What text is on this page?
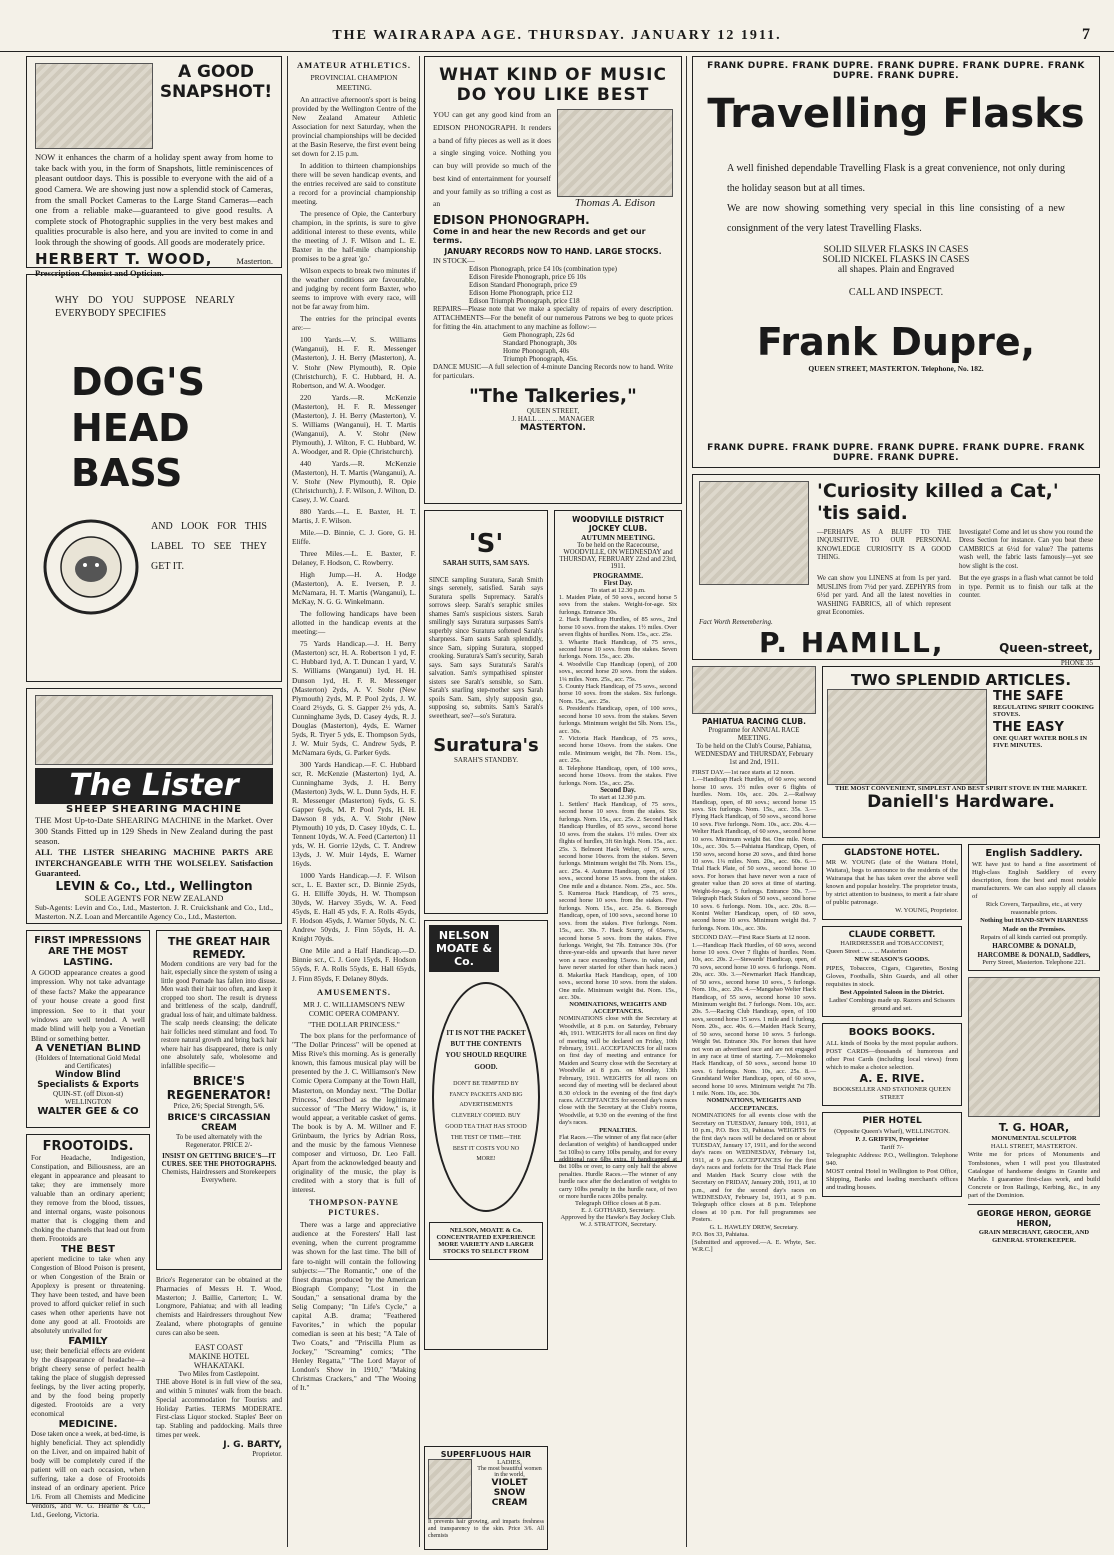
THE WAIRARAPA AGE. THURSDAY. JANUARY 12 1911.	7
A GOOD SNAPSHOT!
NOW it enhances the charm of a holiday spent away from home to take back with you, in the form of Snapshots, little reminiscences of pleasant outdoor days. This is possible to everyone with the aid of a good Camera. We are showing just now a splendid stock of Cameras, from the small Pocket Cameras to the Large Stand Cameras—each one from a reliable make—guaranteed to give good results. A complete stock of Photographic supplies in the very best makes and qualities procurable is also here, and you are invited to come in and look through the showing of goods. All goods are moderately price.
HERBERT T. WOOD,	Masterton.
Prescription Chemist and Optician.
WHY DO YOU SUPPOSE NEARLY EVERYBODY SPECIFIES
DOG'S HEAD BASS
AND LOOK FOR THIS LABEL TO SEE THEY GET IT.
The Lister
SHEEP SHEARING MACHINE
THE Most Up-to-Date SHEARING MACHINE in the Market. Over 300 Stands Fitted up in 129 Sheds in New Zealand during the past season.
ALL THE LISTER SHEARING MACHINE PARTS ARE INTERCHANGEABLE WITH THE WOLSELEY. Satisfaction Guaranteed.
LEVIN & Co., Ltd., Wellington
SOLE AGENTS FOR NEW ZEALAND
Sub-Agents: Levin and Co., Ltd., Masterton. J. R. Cruickshank and Co., Ltd., Masterton. N.Z. Loan and Mercantile Agency Co., Ltd., Masterton.
FIRST IMPRESSIONS ARE THE MOST LASTING.
A GOOD appearance creates a good impression. Why not take advantage of these facts? Make the appearance of your house create a good first impression. See to it that your windows are well tended. A well made blind will help you a Venetian Blind or something better.
A VENETIAN BLIND
(Holders of International Gold Medal and Certificates)
Window Blind Specialists & Exports
QUIN-ST. (off Dixon-st) WELLINGTON
WALTER GEE & CO
FROOTOIDS.
For Headache, Indigestion, Constipation, and Biliousness, are an elegant in appearance and pleasant to take; they are immensely more valuable than an ordinary aperient; they remove from the blood, tissues, and internal organs, waste poisonous matter that is clogging them and choking the channels that lead out from them. Frootoids are
THE BEST
aperient medicine to take when any Congestion of Blood Poison is present, or when Congestion of the Brain or Apoplexy is present or threatening. They have been tested, and have been proved to afford quicker relief in such cases when other aperients have not done any good at all. Frootoids are absolutely unrivalled for
FAMILY
use; their beneficial effects are evident by the disappearance of headache—a bright cheery sense of perfect health taking the place of sluggish depressed feelings, by the liver acting properly, and by the food being properly digested. Frootoids are a very economical
MEDICINE.
Dose taken once a week, at bed-time, is highly beneficial. They act splendidly on the Liver, and on impaired habit of body will be completely cured if the patient will on each occasion, when suffering, take a dose of Frootoids instead of an ordinary aperient. Price 1/6. From all Chemists and Medicine Vendors, and W. G. Hearne & Co., Ltd., Geelong, Victoria.
THE GREAT HAIR REMEDY.
Modern conditions are very bad for the hair, especially since the system of using a little good Pomade has fallen into disuse. Men wash their hair too often, and keep it cropped too short. The result is dryness and brittleness of the scalp, dandruff, gradual loss of hair, and ultimate baldness. The scalp needs cleansing; the delicate hair follicles need stimulant and food. To restore natural growth and bring back hair where hair has disappeared, there is only one absolutely safe, wholesome and infallible specific—
BRICE'S REGENERATOR!
Price, 2/6; Special Strength, 5/6.
BRICE'S CIRCASSIAN CREAM
To be used alternately with the Regenerator. PRICE 2/-
INSIST ON GETTING BRICE'S—IT CURES. SEE THE PHOTOGRAPHS.
Chemists, Hairdressers and Storekeepers Everywhere.
Brice's Regenerator can be obtained at the Pharmacies of Messrs H. T. Wood, Masterton; J. Baillie, Carterton; L. W. Longmore, Pahiatua; and with all leading chemists and Hairdressers throughout New Zealand, where photographs of genuine cures can also be seen.
EAST COAST
MAKINE HOTEL
WHAKATAKI.
Two Miles from Castlepoint.
THE above Hotel is in full view of the sea, and within 5 minutes' walk from the beach. Special accommodation for Tourists and Holiday Parties. TERMS MODERATE. First-class Liquor stocked. Staples' Beer on tap. Stabling and paddocking. Mails three times per week.
J. G. BARTY,
Proprietor.
AMATEUR ATHLETICS.
PROVINCIAL CHAMPION MEETING.

An attractive afternoon's sport is being provided by the Wellington Centre of the New Zealand Amateur Athletic Association for next Saturday, when the provincial championships will be decided at the Basin Reserve, the first event being set down for 2.15 p.m.

In addition to thirteen championships there will be seven handicap events, and the entries received are said to constitute a record for a provincial championship meeting.

The presence of Opie, the Canterbury champion, in the sprints, is sure to give additional interest to these events, while the meeting of J. F. Wilson and L. E. Baxter in the half-mile championship promises to be a great 'go.'

Wilson expects to break two minutes if the weather conditions are favourable, and judging by recent form Baxter, who seems to improve with every race, will not be far away from him.

The entries for the principal events are:—

100 Yards.—V. S. Williams (Wanganui), H. F. R. Messenger (Masterton), J. H. Berry (Masterton), A. V. Stohr (New Plymouth), R. Opie (Christchurch), F. C. Hubbard, H. A. Robertson, and W. A. Woodger.

220 Yards.—R. McKenzie (Masterton), H. F. R. Messenger (Masterton), J. H. Berry (Masterton), V. S. Williams (Wanganui), H. T. Martis (Wanganui), A. V. Stohr (New Plymouth), J. Wilton, F. C. Hubbard, W. A. Woodger, and R. Opie (Christchurch).

440 Yards.—R. McKenzie (Masterton), H. T. Martis (Wanganui), A. V. Stohr (New Plymouth), R. Opie (Christchurch), J. F. Wilson, J. Wilton, D. Casey, J. W. Coard.

880 Yards.—L. E. Baxter, H. T. Martis, J. F. Wilson.

Mile.—D. Binnie, C. J. Gore, G. H. Eliffe.

Three Miles.—L. E. Baxter, F. Delaney, F. Hodson, C. Rowberry.

High Jump.—H. A. Hodge (Masterton), A. E. Iversen, P. J. McNamara, H. T. Martis (Wanganui), L. McKay, N. G. G. Winkelmann.

The following handicaps have been allotted in the handicap events at the meeting:—

75 Yards Handicap.—J. H. Berry (Masterton) scr, H. A. Robertson 1 yd, F. C. Hubbard 1yd, A. T. Duncan 1 yard, V. S. Williams (Wanganui) 1yd, H. H. Dunson 1yd, H. F. R. Messenger (Masterton) 2yds, A. V. Stohr (New Plymouth) 2yds, M. P. Pool 2yds, J. W. Coard 2½yds, G. S. Gapper 2½ yds, A. Cunninghame 3yds, D. Casey 4yds, R. J. Douglas (Masterton), 4yds, E. Warner 5yds, R. Tryer 5 yds, E. Thompson 5yds, J. W. Muir 5yds, C. Andrew 5yds, P. McNamara 6yds, G. Parker 6yds.

300 Yards Handicap.—F. C. Hubbard scr, R. McKenzie (Masterton) 1yd, A. Cunninghame 3yds, J. H. Berry (Masterton) 3yds, W. L. Dunn 5yds, H. F. R. Messenger (Masterton) 6yds, G. S. Gapper 6yds, M. P. Pool 7yds, H. H. Dawson 8 yds, A. V. Stohr (New Plymouth) 10 yds, D. Casey 10yds, C. L. Tennent 10yds, W. A. Feed (Carterton) 11 yds, W. H. Gorrie 12yds, C. T. Andrew 13yds, J. W. Muir 14yds, E. Warner 16yds.

1000 Yards Handicap.—J. F. Wilson scr., L. E. Baxter scr., D. Binnie 25yds, G. H. Elliffe 30yds, H. W. Thompson 30yds, W. Harvey 35yds, W. A. Feed 45yds, E. Hall 45 yds, F. A. Rolls 45yds, F. Hodson 45yds, J. Warner 50yds, N. C. Andrew 50yds, J. Finn 55yds, H. A. Knight 70yds.

One Mile and a Half Handicap.—D. Binnie scr., C. J. Gore 15yds, F. Hodson 55yds, F. A. Rolls 55yds, E. Hall 65yds, J. Finn 85yds, F. Delaney 80yds.

AMUSEMENTS.
MR J. C. WILLIAMSON'S NEW COMIC OPERA COMPANY.
"THE DOLLAR PRINCESS."

The box plans for the performance of "The Dollar Princess" will be opened at Miss Rive's this morning. As is generally known, this famous musical play will be presented by the J. C. Williamson's New Comic Opera Company at the Town Hall, Masterton, on Monday next. "The Dollar Princess," described as the legitimate successor of "The Merry Widow," is, it would appear, a veritable casket of gems. The book is by A. M. Willner and F. Grünbaum, the lyrics by Adrian Ross, and the music by the famous Viennese composer and virtuoso, Dr. Leo Fall. Apart from the acknowledged beauty and originality of the music, the play is credited with a story that is full of interest.

THOMPSON-PAYNE PICTURES.

There was a large and appreciative audience at the Foresters' Hall last evening, when the current programme was shown for the last time. The bill of fare to-night will contain the following subjects:—"The Romantic," one of the finest dramas produced by the American Biograph Company; "Lost in the Soudan," a sensational drama by the Selig Company; "In Life's Cycle," a capital A.B. drama; "Feathered Favorites," in which the popular comedian is seen at his best; "A Tale of Two Coats," and "Priscilla Plum as Jockey," "Screaming" comics; "The Henley Regatta," "The Lord Mayor of London's Show in 1910," "Making Christmas Crackers," and "The Wooing of It."

WHAT KIND OF MUSIC
DO YOU LIKE BEST
YOU can get any good kind from an EDISON PHONOGRAPH. It renders a band of fifty pieces as well as it does a single singing voice. Nothing you can buy will provide so much of the best kind of entertainment for yourself and your family as so trifling a cost as an	Thomas A. Edison
EDISON PHONOGRAPH.
Come in and hear the new Records and get our terms.
JANUARY RECORDS NOW TO HAND. LARGE STOCKS.
IN STOCK—
Edison Phonograph, price £4 10s (combination type)
Edison Fireside Phonograph, price £6 10s
Edison Standard Phonograph, price £9
Edison Home Phonograph, price £12
Edison Triumph Phonograph, price £18
REPAIRS—Please note that we make a specialty of repairs of every description. ATTACHMENTS—For the benefit of our numerous Patrons we beg to quote prices for fitting the 4in. attachment to any machine as follow:—
Gem Phonograph, 22s 6d
Standard Phonograph, 30s
Home Phonograph, 40s
Triumph Phonograph, 45s.
DANCE MUSIC—A full selection of 4-minute Dancing Records now to hand. Write for particulars.
"The Talkeries,"
QUEEN STREET,
J. HALL ... ... ... MANAGER
MASTERTON.
'S'
SARAH SUITS, SAM SAYS.
SINCE sampling Suratura, Sarah Smith sings serenely, satisfied. Sarah says Suratura spells Supremacy. Sarah's sorrows sleep. Sarah's seraphic smiles shames Sam's suspicious sisters. Sarah smilingly says Suratura surpasses Sam's superbly since Suratura softened Sarah's sharpness. Sam sauts Sarah splendidly, since Sam, sipping Suratura, stopped crooking. Suratura's Sam's security, Sarah says. Sam says Suratura's Sarah's salvation. Sam's sympathised spinster sisters see Sarah's sensible, so Sam. Sarah's snarling step-mother says Sarah spoils Sam. Sam, slyly supposin gso, supposing so, submits. Sam's Sarah's sweetheart, see?—so's Suratura.
Suratura's
SARAH'S STANDBY.
NELSON MOATE & Co.
IT IS NOT THE PACKET BUT THE CONTENTS YOU SHOULD REQUIRE GOOD.
DON'T BE TEMPTED BY FANCY PACKETS AND BIG ADVERTISEMENTS CLEVERLY COPIED. BUY GOOD TEA THAT HAS STOOD THE TEST OF TIME—THE BEST IT COSTS YOU NO MORE!
NELSON, MOATE & Co. CONCENTRATED EXPERIENCE MORE VARIETY AND LARGER STOCKS TO SELECT FROM
WOODVILLE DISTRICT JOCKEY CLUB.
AUTUMN MEETING.
To be held on the Racecourse, WOODVILLE, ON WEDNESDAY and THURSDAY, FEBRUARY 22nd and 23rd, 1911.
PROGRAMME.
First Day.
To start at 12.30 p.m.
1. Maiden Plate, of 50 sovs., second horse 5 sovs from the stakes. Weight-for-age. Six furlongs. Entrance 30s.
2. Hack Handicap Hurdles, of 85 sovs., 2nd horse 10 sovs. from the stakes. 1½ miles. Over seven flights of hurdles. Nom. 15s., acc. 25s.
3. Wharite Hack Handicap, of 75 sovs., second horse 10 sovs. from the stakes. Seven furlongs. Nom. 15s., acc. 20s.
4. Woodville Cup Handicap (open), of 200 sovs., second horse 20 sovs. from the stakes. 1¼ miles. Nom. 25s., acc. 75s.
5. County Hack Handicap, of 75 sovs., second horse 10 sovs. from the stakes. Six furlongs. Nom. 15s., acc. 25s.
6. President's Handicap, open, of 100 sovs., second horse 10 sovs. from the stakes. Seven furlongs. Minimum weight 8st 5lb. Nom. 15s., acc. 30s.
7. Victoria Hack Handicap, of 75 sovs., second horse 10sovs. from the stakes. One mile. Minimum weight, 8st 7lb. Nom. 15s., acc. 25s.
8. Telephone Handicap, open, of 100 sovs., second horse 10sovs. from the stakes. Five furlongs. Nom. 15s., acc. 25s.
Second Day.
To start at 12.30 p.m.
1. Settlers' Hack Handicap, of 75 sovs., second horse 10 sovs. from the stakes. Six furlongs. Nom. 15s., acc. 25s. 2. Second Hack Handicap Hurdles, of 85 sovs., second horse 10 sovs. from the stakes. 1½ miles. Over six flights of hurdles, 3ft 6in high. Nom. 15s., acc. 25s. 3. Belmont Hack Welter, of 75 sovs., second horse 10sovs. from the stakes. Seven furlongs. Minimum weight 8st 7lb. Nom. 15s., acc. 25s. 4. Autumn Handicap, open, of 150 sovs., second horse 15 sovs. from the stakes. One mile and a distance. Nom. 25s., acc. 50s. 5. Kumeroa Hack Handicap, of 75 sovs., second horse 10 sovs. from the stakes. Five furlongs. Nom. 15s., acc. 25s. 6. Borough Handicap, open, of 100 sovs., second horse 10 sovs. from the stakes. Five furlongs. Nom. 15s., acc. 30s. 7. Hack Scurry, of 65sovs., second horse 5 sovs. from the stakes. Five furlongs. Weight, 9st 7lb. Entrance 30s. (For three-year-olds and upwards that have never won a race exceeding 15sovs. in value, and have never started for other than hack races.) 8. Makarika Hack Handicap, open, of 100 sovs., second horse 10 sovs. from the stakes. One mile. Minimum weight 8st. Nom. 15s., acc. 30s.
NOMINATIONS, WEIGHTS AND ACCEPTANCES.
NOMINATIONS close with the Secretary at Woodville, at 8 p.m. on Saturday, February 4th, 1911. WEIGHTS for all races on first day of meeting will be declared on Friday, 10th February, 1911. ACCEPTANCES for all races on first day of meeting and entrance for Maiden and Scurry close with the Secretary at Woodville at 8 p.m. on Monday, 13th February, 1911. WEIGHTS for all races on second day of meeting will be declared about 8.30 o'clock in the evening of the first day's races. ACCEPTANCES for second day's races close with the Secretary at the Club's rooms, Woodville, at 9.30 on the evening of the first day's races.
PENALTIES.
Flat Races.—The winner of any flat race (after declaration of weights) of handicapped under 5st 10lbs) to carry 10lbs penalty, and for every additional race 6lbs extra. If handicapped at 8st 10lbs or over, to carry only half the above penalties. Hurdle Races.—The winner of any hurdle race after the declaration of weights to carry 10lbs penalty in the hurdle race, of two or more hurdle races 20lbs penalty.
Telegraph Office closes at 8 p.m.
E. J. GOTHARD, Secretary.
Approved by the Hawke's Bay Jockey Club.
W. J. STRATTON, Secretary.
FRANK DUPRE. FRANK DUPRE. FRANK DUPRE. FRANK DUPRE. FRANK DUPRE. FRANK DUPRE.
Travelling Flasks
A well finished dependable Travelling Flask is a great convenience, not only during the holiday season but at all times.
We are now showing something very special in this line consisting of a new consignment of the very latest Travelling Flasks.
SOLID SILVER FLASKS IN CASES
SOLID NICKEL FLASKS IN CASES
all shapes. Plain and Engraved
CALL AND INSPECT.
Frank Dupre,
QUEEN STREET, MASTERTON. Telephone, No. 182.
FRANK DUPRE. FRANK DUPRE. FRANK DUPRE. FRANK DUPRE. FRANK DUPRE. FRANK DUPRE.
'Curiosity killed a Cat,' 'tis said.
—PERHAPS AS A BLUFF TO THE INQUISITIVE. TO OUR PERSONAL KNOWLEDGE CURIOSITY IS A GOOD THING.
Investigate! Come and let us show you round the Dress Section for instance. Can you beat these CAMBRICS at 6½d for value? The patterns wash well, the fabric lasts famously—yet see how slight is the cost.
We can show you LINENS at from 1s per yard. MUSLINS from 7½d per yard. ZEPHYRS from 6½d per yard. And all the latest novelties in WASHING FABRICS, all of which represent great Economies.
But the eye grasps in a flash what cannot be told in type. Permit us to finish our talk at the counter.
Fact Worth Remembering.
P. HAMILL,	Queen-street,
PHONE 35
PAHIATUA RACING CLUB.
Programme for ANNUAL RACE MEETING.
To be held on the Club's Course, Pahiatua, WEDNESDAY and THURSDAY, February 1st and 2nd, 1911.
FIRST DAY.—1st race starts at 12 noon.
1.—Handicap Hack Hurdles, of 60 sovs; second horse 10 sovs. 1½ miles over 6 flights of hurdles. Nom. 10s, acc. 20s. 2.—Railway Handicap, open, of 80 sovs.; second horse 15 sovs. Six furlongs. Nom. 15s., acc. 35s. 3.—Flying Hack Handicap, of 50 sovs., second horse 10 sovs. Five furlongs. Nom. 10s., acc. 20s. 4.—Welter Hack Handicap, of 60 sovs., second horse 10 sovs. Minimum weight 8st. One mile. Nom. 10s., acc. 30s. 5.—Pahiatua Handicap, Open, of 150 sovs, second horse 20 sovs., and third horse 10 sovs. 1¼ miles. Nom. 20s., acc. 60s. 6.—Trial Hack Plate, of 50 sovs., second horse 10 sovs. For horses that have never won a race of greater value than 20 sovs at time of starting. Weight-for-age, 5 furlongs. Entrance 30s. 7.—Telegraph Hack Stakes of 50 sovs., second horse 10 sovs. 6 furlongs. Nom. 10s., acc. 20s. 8.—Konini Welter Handicap, open, of 60 sovs, second horse 10 sovs. Minimum weight 8st. 7 furlongs. Nom. 10s., acc. 30s.
SECOND DAY.—First Race Starts at 12 noon.
1.—Handicap Hack Hurdles, of 60 sovs, second horse 10 sovs. Over 7 flights of hurdles. Nom. 10s, acc. 20s. 2.—Stewards' Handicap, open, of 70 sovs, second horse 10 sovs. 6 furlongs. Nom. 20s, acc. 30s. 3.—Newmarket Hack Handicap, of 50 sovs., second horse 10 sovs., 5 furlongs. Nom. 10s., acc. 20s. 4.—Mangahao Welter Hack Handicap, of 55 sovs, second horse 10 sovs. Minimum weight 8st. 7 furlongs. Nom. 10s, acc. 20s. 5.—Racing Club Handicap, open, of 100 sovs, second horse 15 sovs. 1 mile and 1 furlong. Nom. 20s., acc. 40s. 6.—Maiden Hack Scurry, of 50 sovs, second horse 10 sovs. 5 furlongs. Weight 9st. Entrance 30s. For horses that have not won an advertised race and are not engaged in any race at time of starting. 7.—Mokomoko Hack Handicap, of 50 sovs., second horse 10 sovs. 6 furlongs. Nom. 10s, acc. 25s. 8.—Grandstand Welter Handicap, open, of 60 sovs, second horse 10 sovs. Minimum weight 7st 7lb. 1 mile. Nom. 10s, acc. 30s.
NOMINATIONS, WEIGHTS AND ACCEPTANCES.
NOMINATIONS for all events close with the Secretary on TUESDAY, January 10th, 1911, at 10 p.m., P.O. Box 33, Pahiatua. WEIGHTS for the first day's races will be declared on or about TUESDAY, January 17, 1911, and for the second day's races on WEDNESDAY, February 1st, 1911, at 9 p.m. ACCEPTANCES for the first day's races and forfeits for the Trial Hack Plate and Maiden Hack Scurry close with the Secretary on FRIDAY, January 20th, 1911, at 10 p.m., and for the second day's races on WEDNESDAY, February 1st, 1911, at 9 p.m. Telegraph office closes at 8 p.m. Telephone closes at 10 p.m. For full programmes see Posters.
G. L. HAWLEY DREW, Secretary.
P.O. Box 33, Pahiatua.
[Submitted and approved.—A. E. Whyte, Sec. W.R.C.]
TWO SPLENDID ARTICLES.
THE SAFE
REGULATING SPIRIT COOKING STOVES.
THE EASY
ONE QUART WATER BOILS IN FIVE MINUTES.
THE MOST CONVENIENT, SIMPLEST AND BEST SPIRIT STOVE IN THE MARKET.
Daniell's Hardware.
GLADSTONE HOTEL.
MR W. YOUNG (late of the Waitara Hotel, Waitara), begs to announce to the residents of the Wairarapa that he has taken over the above well known and popular hostelry. The proprietor trusts, by strict attention to business, to merit a fair share of public patronage.
W. YOUNG, Proprietor.
CLAUDE CORBETT.
HAIRDRESSER and TOBACCONIST,
Queen Street ... ... ... Masterton
NEW SEASON'S GOODS.
PIPES, Tobaccos, Cigars, Cigarettes, Boxing Gloves, Footballs, Shin Guards, and all other requisites in stock.
Best Appointed Saloon in the District.
Ladies' Combings made up. Razors and Scissors ground and set.
BOOKS BOOKS.
ALL kinds of Books by the most popular authors. POST CARDS—thousands of humorous and other Post Cards (including local views) from which to make a choice selection.
A. E. RIVE.
BOOKSELLER AND STATIONER QUEEN STREET
PIER HOTEL
(Opposite Queen's Wharf), WELLINGTON.
P. J. GRIFFIN, Proprietor
Tariff 7/-
Telegraphic Address: P.O., Wellington. Telephone 940.
MOST central Hotel in Wellington to Post Office, Shipping, Banks and leading merchant's offices and trading houses.
English Saddlery.
WE have just to hand a fine assortment of High-class English Saddlery of every description, from the best and most notable manufacturers. We can also supply all classes of
Rick Covers, Tarpaulins, etc., at very reasonable prices.
Nothing but HAND-SEWN HARNESS Made on the Premises.
Repairs of all kinds carried out promptly.
HARCOMBE & DONALD, HARCOMBE & DONALD, Saddlers,
Perry Street, Masterton. Telephone 221.
T. G. HOAR,
MONUMENTAL SCULPTOR
HALL STREET, MASTERTON.
Write me for prices of Monuments and Tombstones, when I will post you Illustrated Catalogue of handsome designs in Granite and Marble. I guarantee first-class work, and build Concrete or Iron Railings, Kerbing, &c., in any part of the Dominion.
GEORGE HERON, GEORGE HERON,
GRAIN MERCHANT, GROCER, AND GENERAL STOREKEEPER.
SUPERFLUOUS HAIR
LADIES,
The most beautiful women in the world,
VIOLET SNOW CREAM
It prevents hair growing, and imparts freshness and transparency to the skin. Price 3/6. All chemists
